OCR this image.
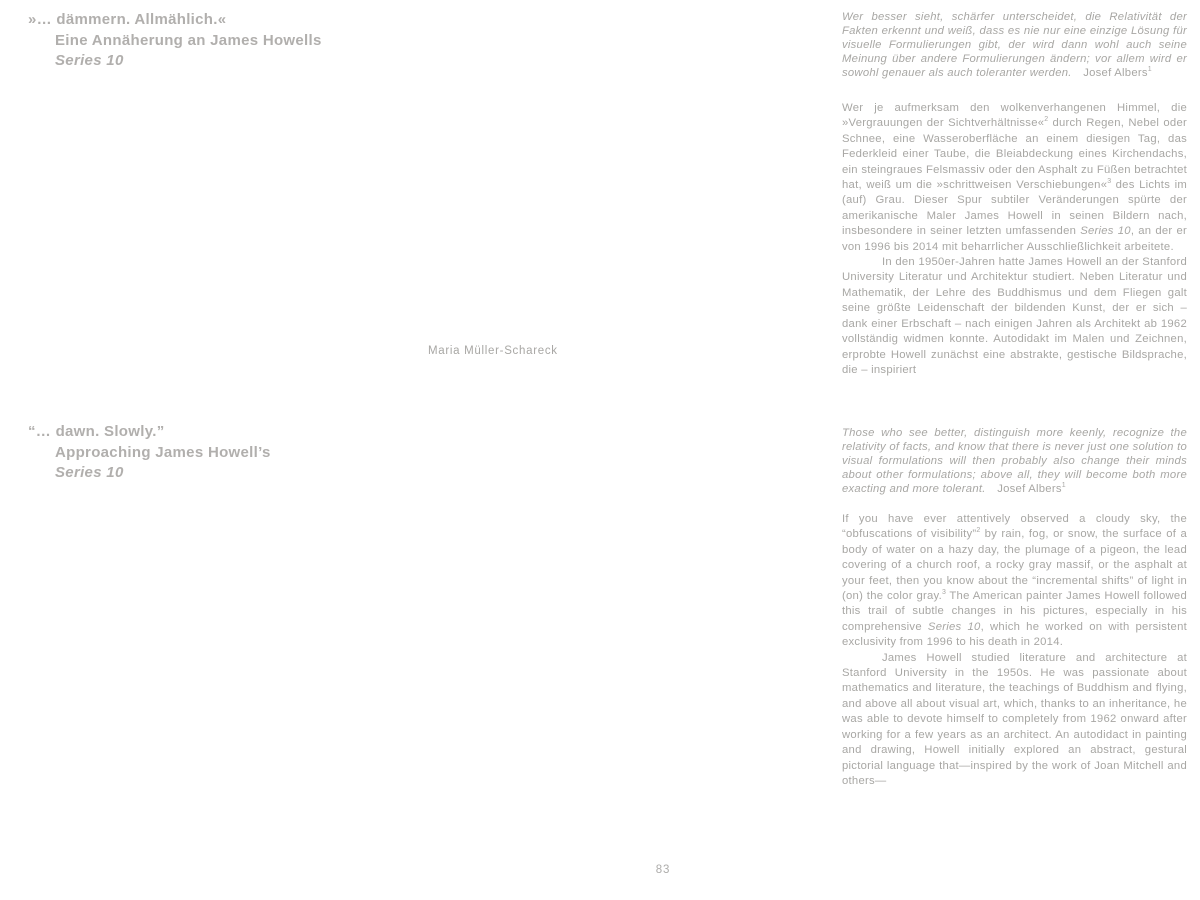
»… dämmern. Allmählich.«
Eine Annäherung an James Howells
Series 10
Maria Müller-Schareck
“… dawn. Slowly.”
Approaching James Howell’s
Series 10
Wer besser sieht, schärfer unterscheidet, die Relativität der Fakten erkennt und weiß, dass es nie nur eine einzige Lösung für visuelle Formulierungen gibt, der wird dann wohl auch seine Meinung über andere Formulierungen ändern; vor allem wird er sowohl genauer als auch toleranter werden. Josef Albers$^1$

Wer je aufmerksam den wolkenverhangenen Himmel, die »Vergrauungen der Sichtverhältnisse«$^2$ durch Regen, Nebel oder Schnee, eine Wasseroberfläche an einem diesigen Tag, das Federkleid einer Taube, die Bleiabdeckung eines Kirchendachs, ein steingraues Felsmassiv oder den Asphalt zu Füßen betrachtet hat, weiß um die »schrittweisen Verschiebungen«$^3$ des Lichts im (auf) Grau. Dieser Spur subtiler Veränderungen spürte der amerikanische Maler James Howell in seinen Bildern nach, insbesondere in seiner letzten umfassenden Series 10, an der er von 1996 bis 2014 mit beharrlicher Ausschließlichkeit arbeitete.

In den 1950er-Jahren hatte James Howell an der Stanford University Literatur und Architektur studiert. Neben Literatur und Mathematik, der Lehre des Buddhismus und dem Fliegen galt seine größte Leidenschaft der bildenden Kunst, der er sich – dank einer Erbschaft – nach einigen Jahren als Architekt ab 1962 vollständig widmen konnte. Autodidakt im Malen und Zeichnen, erprobte Howell zunächst eine abstrakte, gestische Bildsprache, die – inspiriert

Those who see better, distinguish more keenly, recognize the relativity of facts, and know that there is never just one solution to visual formulations will then probably also change their minds about other formulations; above all, they will become both more exacting and more tolerant. Josef Albers$^1$

If you have ever attentively observed a cloudy sky, the “obfuscations of visibility”$^2$ by rain, fog, or snow, the surface of a body of water on a hazy day, the plumage of a pigeon, the lead covering of a church roof, a rocky gray massif, or the asphalt at your feet, then you know about the “incremental shifts” of light in (on) the color gray.$^3$ The American painter James Howell followed this trail of subtle changes in his pictures, especially in his comprehensive Series 10, which he worked on with persistent exclusivity from 1996 to his death in 2014.

James Howell studied literature and architecture at Stanford University in the 1950s. He was passionate about mathematics and literature, the teachings of Buddhism and flying, and above all about visual art, which, thanks to an inheritance, he was able to devote himself to completely from 1962 onward after working for a few years as an architect. An autodidact in painting and drawing, Howell initially explored an abstract, gestural pictorial language that—inspired by the work of Joan Mitchell and others—

83
